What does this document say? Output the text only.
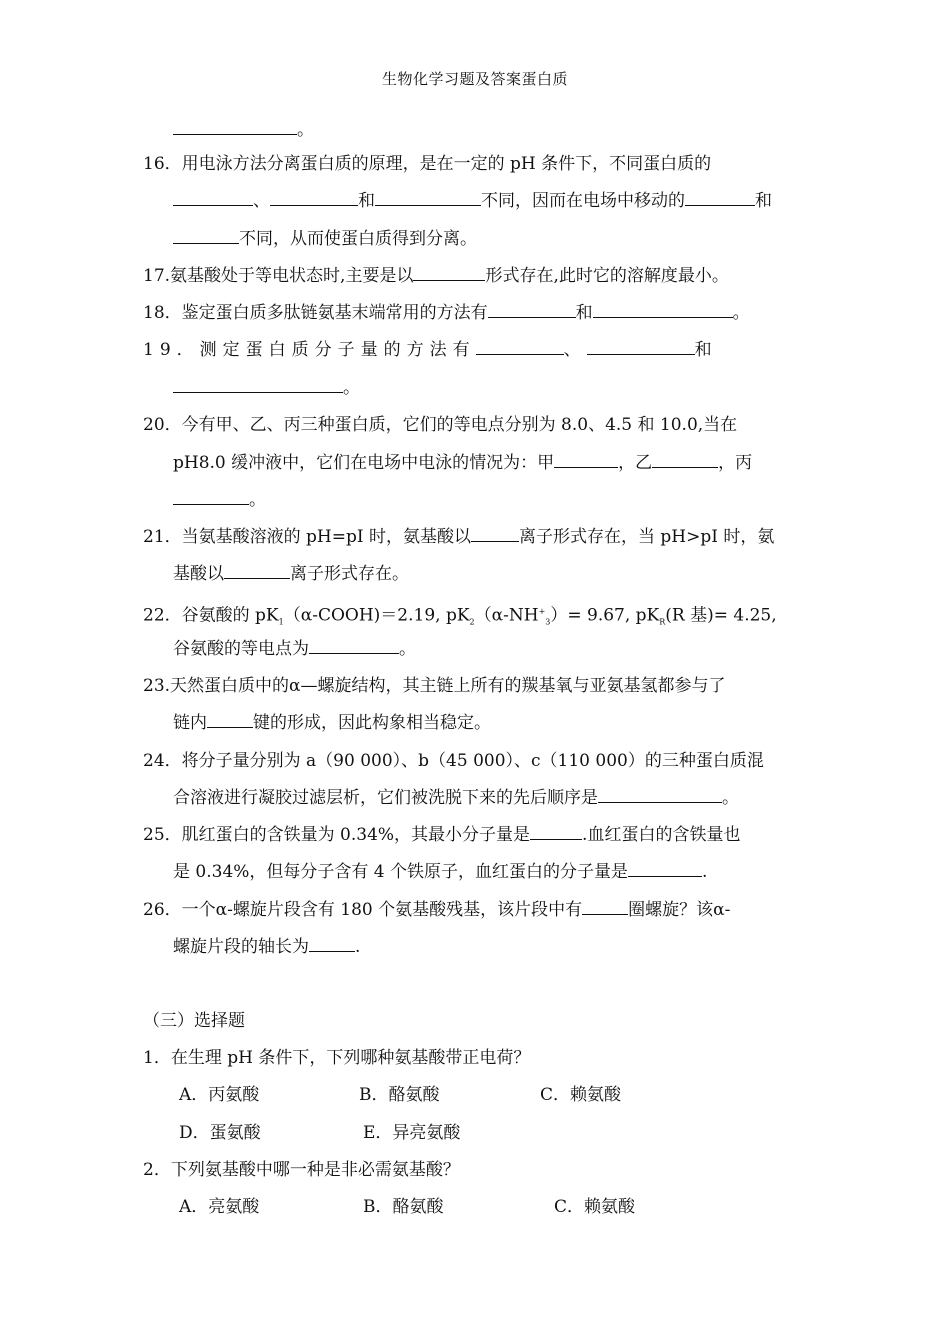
生物化学习题及答案蛋白质
。
16．用电泳方法分离蛋白质的原理，是在一定的 pH 条件下，不同蛋白质的
、	和	不同，因而在电场中移动的	和
不同，从而使蛋白质得到分离。
17.氨基酸处于等电状态时,主要是以	形式存在,此时它的溶解度最小。
18．鉴定蛋白质多肽链氨基末端常用的方法有	和	。
19．测定蛋白质分子量的方法有	、	和
。
20．今有甲、乙、丙三种蛋白质，它们的等电点分别为 8.0、4.5 和 10.0,当在
pH8.0 缓冲液中，它们在电场中电泳的情况为：甲	，乙	，丙
。
21．当氨基酸溶液的 pH=pI 时，氨基酸以	离子形式存在，当 pH>pI 时，氨
基酸以	离子形式存在。
22．谷氨酸的 $pK_1(\alpha-COOH)=2.19$, $pK_2(\alpha-NH^+_3)= 9.67$, $pK_R(R$ 基)= 4.25,
谷氨酸的等电点为	。
23.天然蛋白质中的α—螺旋结构，其主链上所有的羰基氧与亚氨基氢都参与了
链内	键的形成，因此构象相当稳定。
24．将分子量分别为 a（90 000）、b（45 000）、c（110 000）的三种蛋白质混
合溶液进行凝胶过滤层析，它们被洗脱下来的先后顺序是	。
25．肌红蛋白的含铁量为 0.34%，其最小分子量是	.血红蛋白的含铁量也
是 0.34%，但每分子含有 4 个铁原子，血红蛋白的分子量是	.
26．一个α-螺旋片段含有 180 个氨基酸残基，该片段中有	圈螺旋？该α-
螺旋片段的轴长为	.
（三）选择题
1．在生理 pH 条件下，下列哪种氨基酸带正电荷？
A．丙氨酸	B．酪氨酸	C．赖氨酸
D．蛋氨酸	E．异亮氨酸
2．下列氨基酸中哪一种是非必需氨基酸？
A．亮氨酸	B．酪氨酸	C．赖氨酸
